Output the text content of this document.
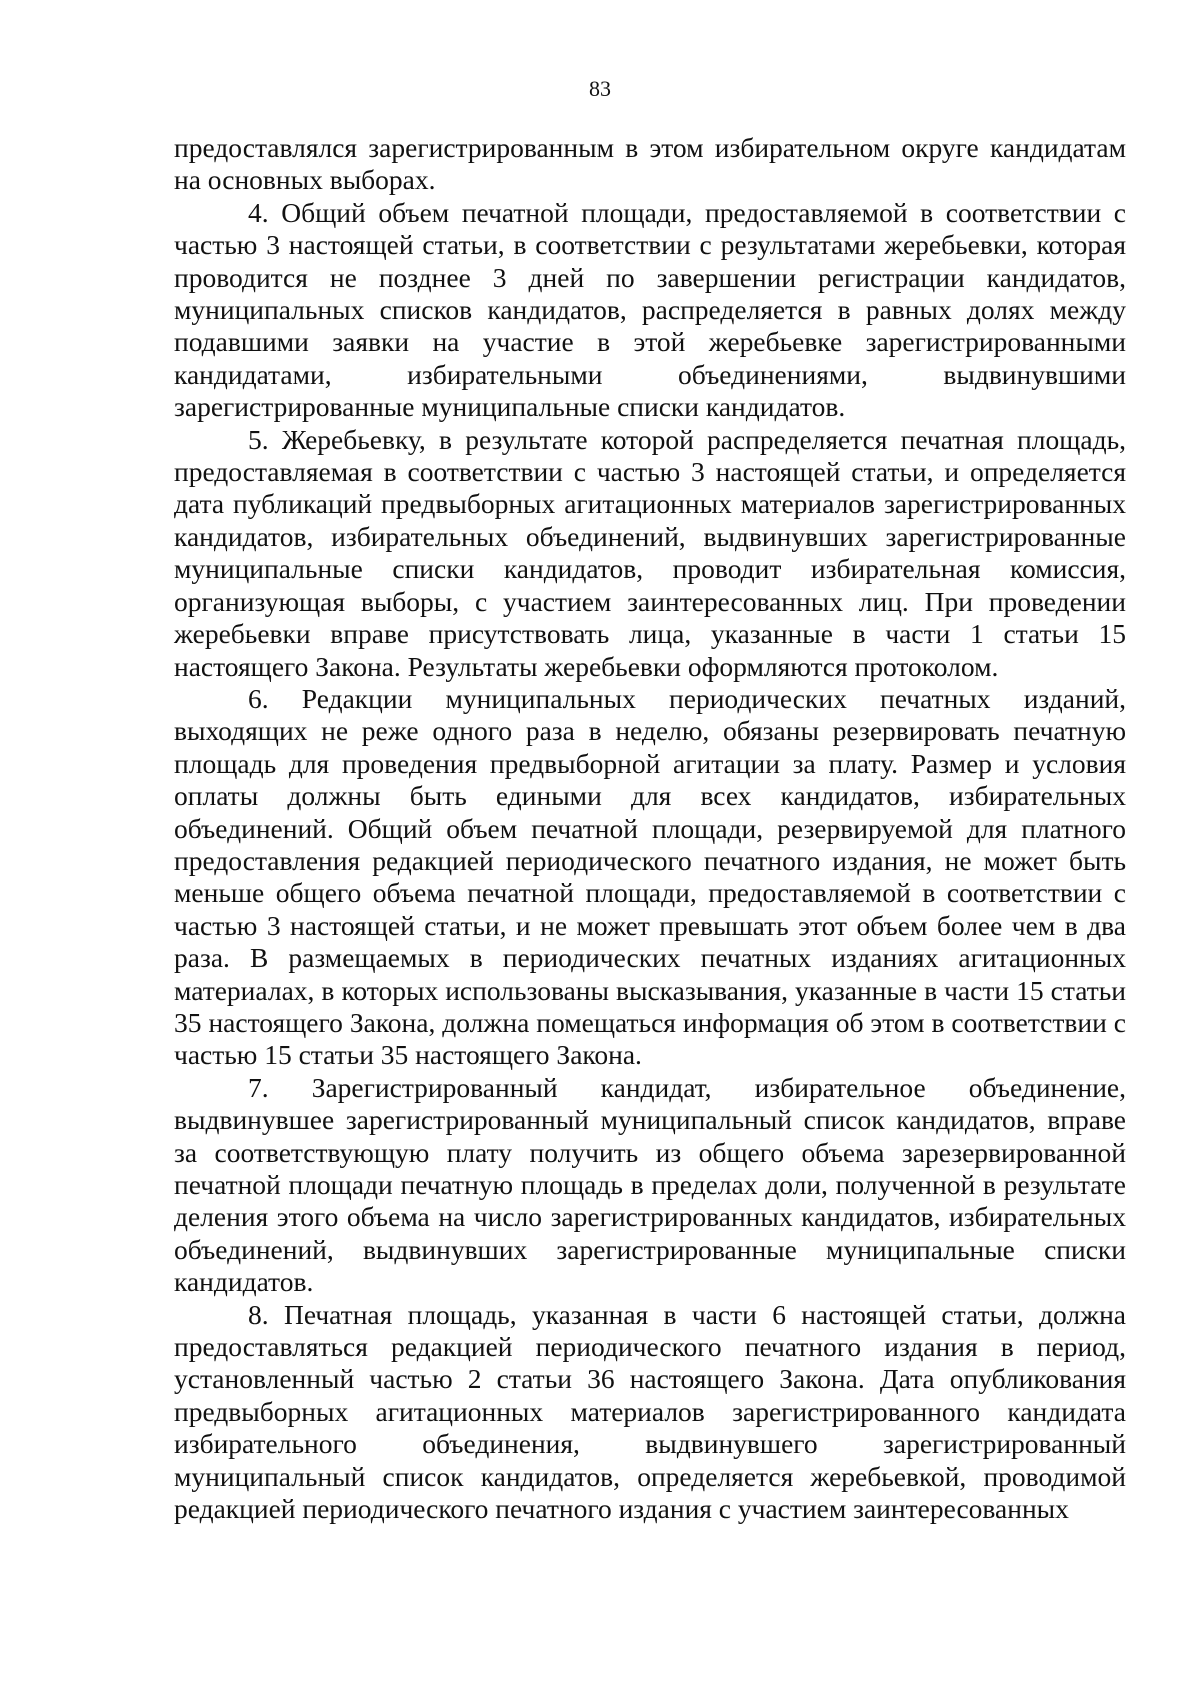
83

предоставлялся зарегистрированным в этом избирательном округе кандидатам на основных выборах.

4. Общий объем печатной площади, предоставляемой в соответствии с частью 3 настоящей статьи, в соответствии с результатами жеребьевки, которая проводится не позднее 3 дней по завершении регистрации кандидатов, муниципальных списков кандидатов, распределяется в равных долях между подавшими заявки на участие в этой жеребьевке зарегистрированными кандидатами, избирательными объединениями, выдвинувшими зарегистрированные муниципальные списки кандидатов.

5. Жеребьевку, в результате которой распределяется печатная площадь, предоставляемая в соответствии с частью 3 настоящей статьи, и определяется дата публикаций предвыборных агитационных материалов зарегистрированных кандидатов, избирательных объединений, выдвинувших зарегистрированные муниципальные списки кандидатов, проводит избирательная комиссия, организующая выборы, с участием заинтересованных лиц. При проведении жеребьевки вправе присутствовать лица, указанные в части 1 статьи 15 настоящего Закона. Результаты жеребьевки оформляются протоколом.

6. Редакции муниципальных периодических печатных изданий, выходящих не реже одного раза в неделю, обязаны резервировать печатную площадь для проведения предвыборной агитации за плату. Размер и условия оплаты должны быть едиными для всех кандидатов, избирательных объединений. Общий объем печатной площади, резервируемой для платного предоставления редакцией периодического печатного издания, не может быть меньше общего объема печатной площади, предоставляемой в соответствии с частью 3 настоящей статьи, и не может превышать этот объем более чем в два раза. В размещаемых в периодических печатных изданиях агитационных материалах, в которых использованы высказывания, указанные в части 15 статьи 35 настоящего Закона, должна помещаться информация об этом в соответствии с частью 15 статьи 35 настоящего Закона.

7. Зарегистрированный кандидат, избирательное объединение, выдвинувшее зарегистрированный муниципальный список кандидатов, вправе за соответствующую плату получить из общего объема зарезервированной печатной площади печатную площадь в пределах доли, полученной в результате деления этого объема на число зарегистрированных кандидатов, избирательных объединений, выдвинувших зарегистрированные муниципальные списки кандидатов.

8. Печатная площадь, указанная в части 6 настоящей статьи, должна предоставляться редакцией периодического печатного издания в период, установленный частью 2 статьи 36 настоящего Закона. Дата опубликования предвыборных агитационных материалов зарегистрированного кандидата избирательного объединения, выдвинувшего зарегистрированный муниципальный список кандидатов, определяется жеребьевкой, проводимой редакцией периодического печатного издания с участием заинтересованных
